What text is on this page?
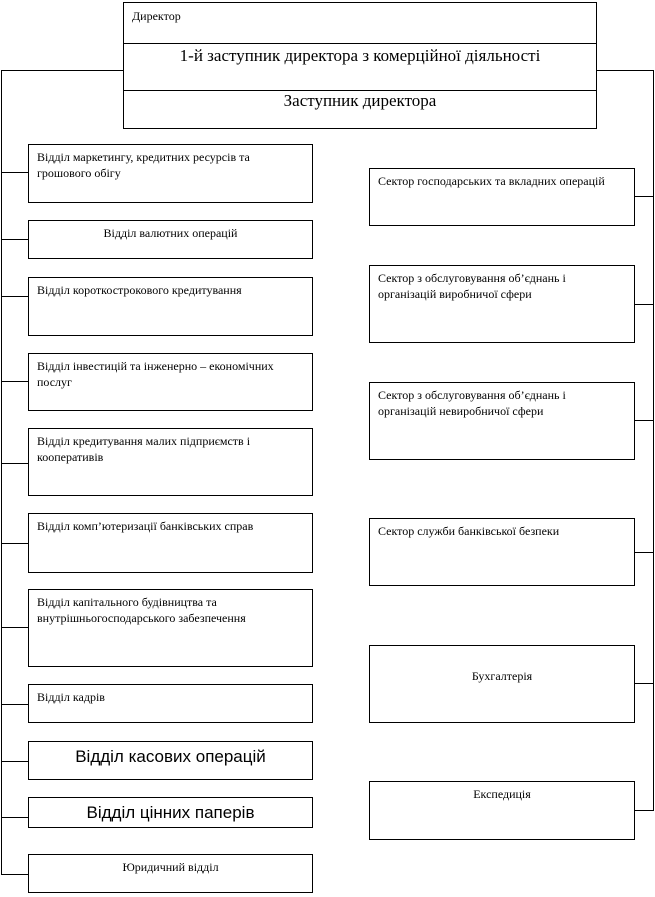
Директор
1-й заступник директора з комерційної діяльності
Заступник директора
Відділ маркетингу, кредитних ресурсів та грошового обігу
Відділ валютних операцій
Відділ короткострокового кредитування
Відділ інвестицій та інженерно – економічних послуг
Відділ кредитування малих підприємств і кооперативів
Відділ комп’ютеризації банківських справ
Відділ капітального будівництва та внутрішньогосподарського забезпечення
Відділ кадрів
Відділ касових операцій
Відділ цінних паперів
Юридичний відділ
Сектор господарських та вкладних операцій
Сектор з обслуговування об’єднань і організацій виробничої сфери
Сектор з обслуговування об’єднань і організацій невиробничої сфери
Сектор служби банківської безпеки
Бухгалтерія
Експедиція
